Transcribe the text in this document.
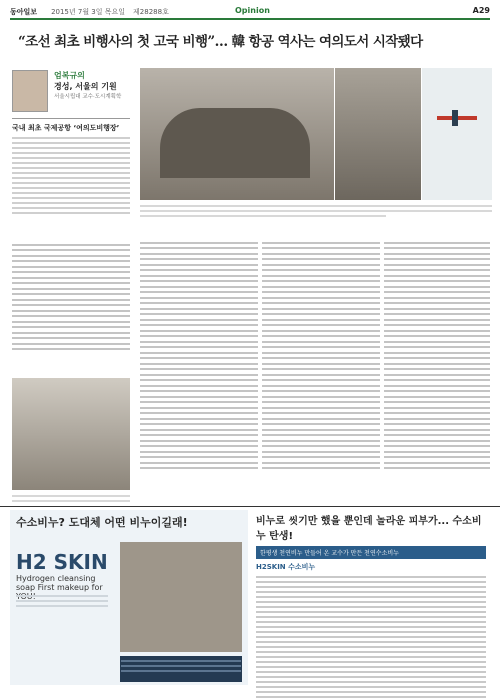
동아일보 2015년 7월 3일 목요일 제28288호	Opinion	A29
“조선 최초 비행사의 첫 고국 비행”… 韓 항공 역사는 여의도서 시작됐다
엄복규의
경성, 서울의 기원
서울시립대 교수·도시계획학
국내 최초 국제공항 ‘여의도비행장’
수소비누? 도대체 어떤 비누이길래!
H2 SKIN
Hydrogen cleansing soap First makeup for
비누로 씻기만 했을 뿐인데 놀라운 피부가... 수소비누 탄생!
한평생 천연비누 만들어 온 교수가 만든 천연수소비누
H2SKIN 수소비누
